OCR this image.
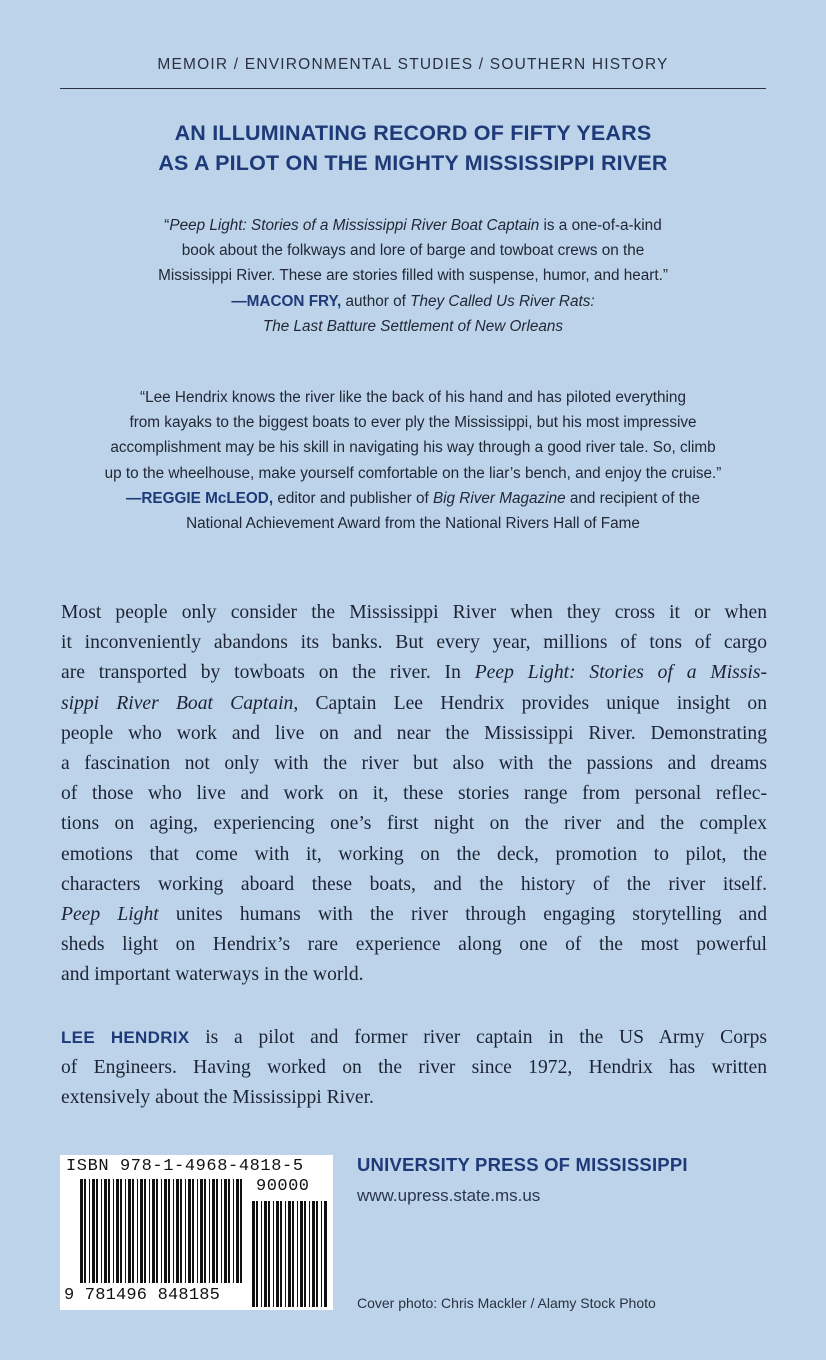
MEMOIR / ENVIRONMENTAL STUDIES / SOUTHERN HISTORY
AN ILLUMINATING RECORD OF FIFTY YEARS
AS A PILOT ON THE MIGHTY MISSISSIPPI RIVER
“Peep Light: Stories of a Mississippi River Boat Captain is a one-of-a-kind
book about the folkways and lore of barge and towboat crews on the
Mississippi River. These are stories filled with suspense, humor, and heart.”
—MACON FRY, author of They Called Us River Rats:
The Last Batture Settlement of New Orleans
“Lee Hendrix knows the river like the back of his hand and has piloted everything
from kayaks to the biggest boats to ever ply the Mississippi, but his most impressive
accomplishment may be his skill in navigating his way through a good river tale. So, climb
up to the wheelhouse, make yourself comfortable on the liar’s bench, and enjoy the cruise.”
—REGGIE McLEOD, editor and publisher of Big River Magazine and recipient of the
National Achievement Award from the National Rivers Hall of Fame
Most people only consider the Mississippi River when they cross it or when
it inconveniently abandons its banks. But every year, millions of tons of cargo
are transported by towboats on the river. In Peep Light: Stories of a Missis-
sippi River Boat Captain, Captain Lee Hendrix provides unique insight on
people who work and live on and near the Mississippi River. Demonstrating
a fascination not only with the river but also with the passions and dreams
of those who live and work on it, these stories range from personal reflec-
tions on aging, experiencing one’s first night on the river and the complex
emotions that come with it, working on the deck, promotion to pilot, the
characters working aboard these boats, and the history of the river itself.
Peep Light unites humans with the river through engaging storytelling and
sheds light on Hendrix’s rare experience along one of the most powerful
and important waterways in the world.
LEE HENDRIX is a pilot and former river captain in the US Army Corps
of Engineers. Having worked on the river since 1972, Hendrix has written
extensively about the Mississippi River.
ISBN 978-1-4968-4818-5
90000
9 781496 848185
UNIVERSITY PRESS OF MISSISSIPPI
www.upress.state.ms.us
Cover photo: Chris Mackler / Alamy Stock Photo
